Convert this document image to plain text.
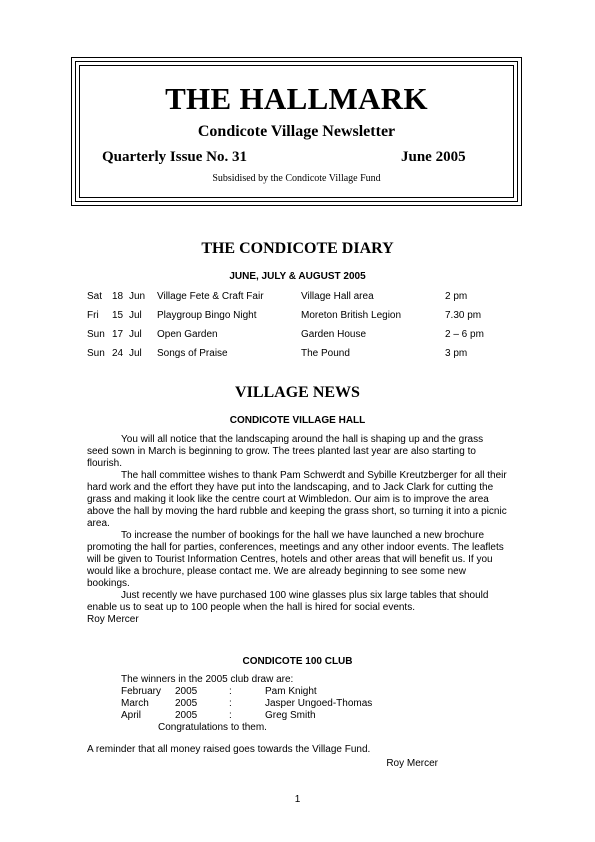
THE HALLMARK
Condicote Village Newsletter
Quarterly Issue No. 31	June 2005
Subsidised by the Condicote Village Fund
THE CONDICOTE DIARY
JUNE, JULY & AUGUST 2005
Sat 18 Jun Village Fete & Craft Fair	Village Hall area	2 pm
Fri 15 Jul Playgroup Bingo Night	Moreton British Legion	7.30 pm
Sun 17 Jul Open Garden	Garden House	2 – 6 pm
Sun 24 Jul Songs of Praise	The Pound	3 pm
VILLAGE NEWS
CONDICOTE VILLAGE HALL

You will all notice that the landscaping around the hall is shaping up and the grass seed sown in March is beginning to grow. The trees planted last year are also starting to flourish.

The hall committee wishes to thank Pam Schwerdt and Sybille Kreutzberger for all their hard work and the effort they have put into the landscaping, and to Jack Clark for cutting the grass and making it look like the centre court at Wimbledon. Our aim is to improve the area above the hall by moving the hard rubble and keeping the grass short, so turning it into a picnic area.

To increase the number of bookings for the hall we have launched a new brochure promoting the hall for parties, conferences, meetings and any other indoor events. The leaflets will be given to Tourist Information Centres, hotels and other areas that will benefit us. If you would like a brochure, please contact me. We are already beginning to see some new bookings.

Just recently we have purchased 100 wine glasses plus six large tables that should enable us to seat up to 100 people when the hall is hired for social events.

Roy Mercer

CONDICOTE 100 CLUB
The winners in the 2005 club draw are:
February 2005	:	Pam Knight
March	2005	:	Jasper Ungoed-Thomas
April	2005	:	Greg Smith
Congratulations to them.
A reminder that all money raised goes towards the Village Fund.
Roy Mercer
1
